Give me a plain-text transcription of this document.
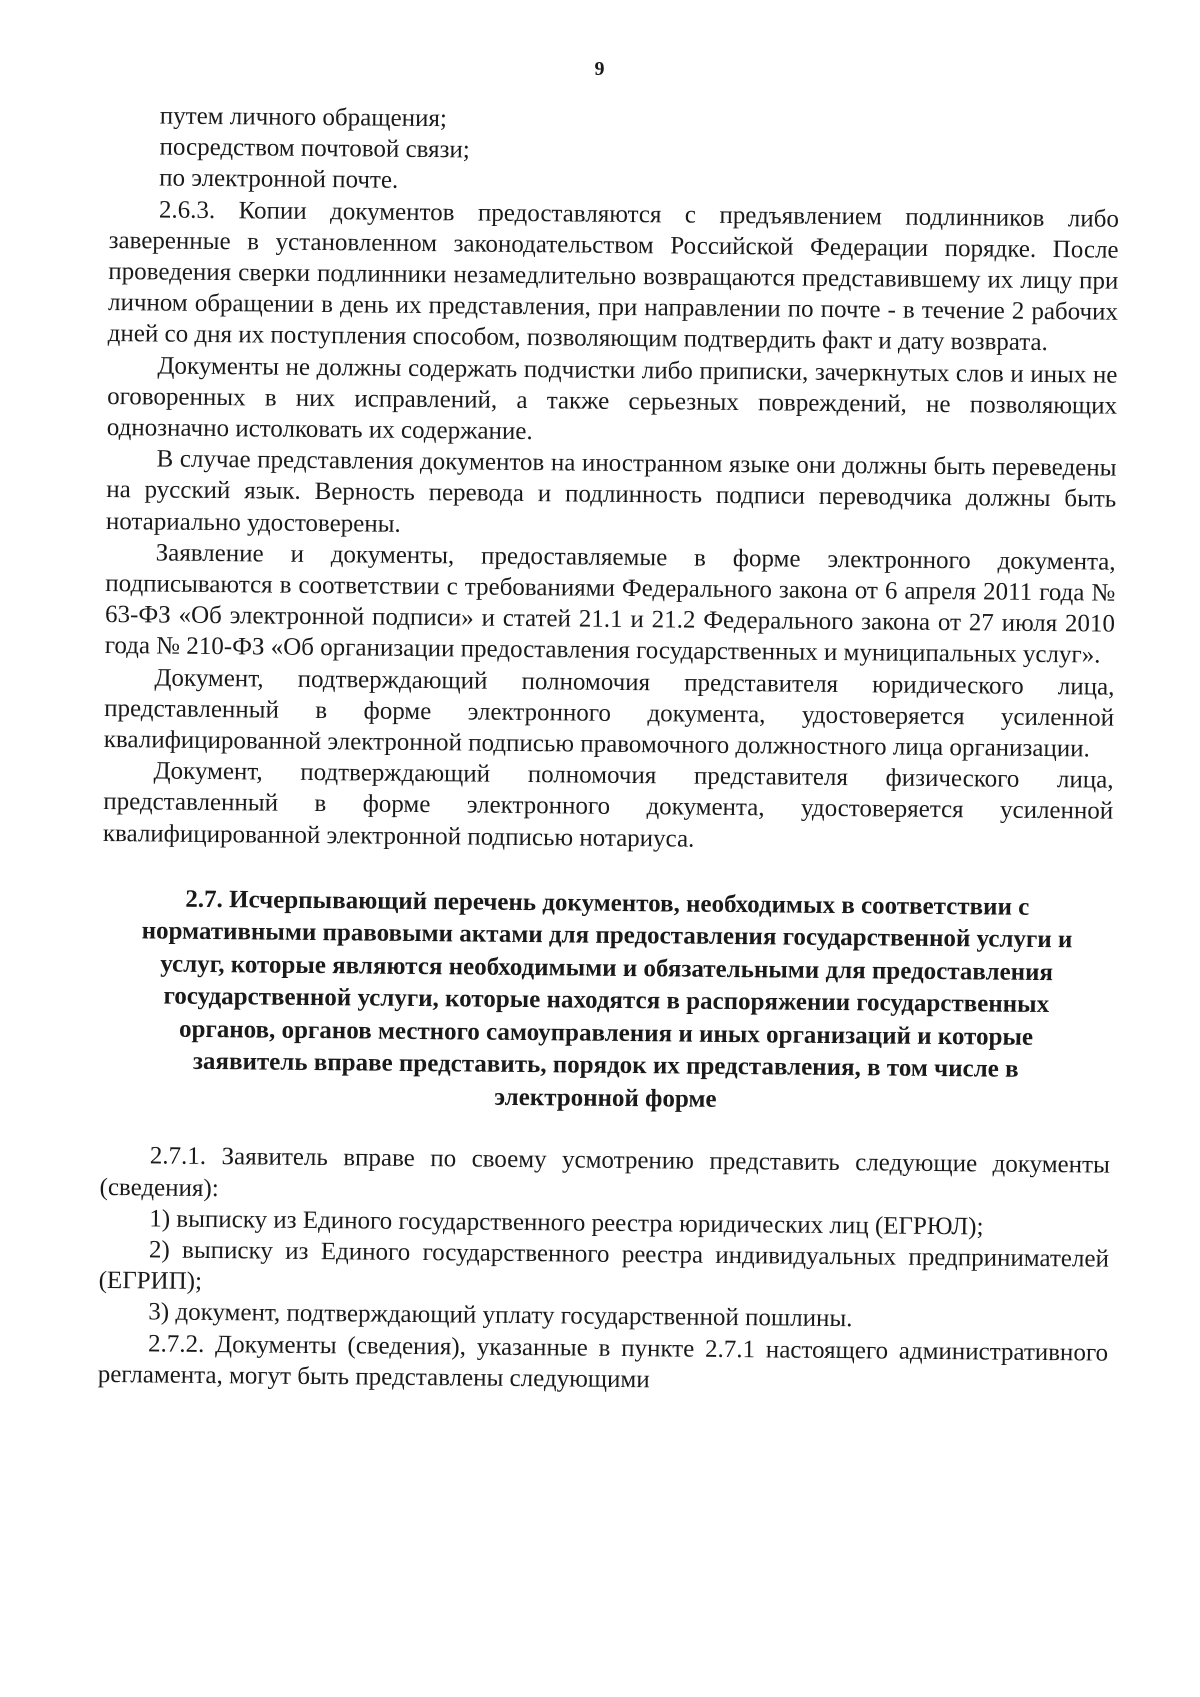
9

путем личного обращения;

посредством почтовой связи;

по электронной почте.

2.6.3. Копии документов предоставляются с предъявлением подлинников либо заверенные в установленном законодательством Российской Федерации порядке. После проведения сверки подлинники незамедлительно возвращаются представившему их лицу при личном обращении в день их представления, при направлении по почте - в течение 2 рабочих дней со дня их поступления способом, позволяющим подтвердить факт и дату возврата.

Документы не должны содержать подчистки либо приписки, зачеркнутых слов и иных не оговоренных в них исправлений, а также серьезных повреждений, не позволяющих однозначно истолковать их содержание.

В случае представления документов на иностранном языке они должны быть переведены на русский язык. Верность перевода и подлинность подписи переводчика должны быть нотариально удостоверены.

Заявление и документы, предоставляемые в форме электронного документа, подписываются в соответствии с требованиями Федерального закона от 6 апреля 2011 года № 63-ФЗ «Об электронной подписи» и статей 21.1 и 21.2 Федерального закона от 27 июля 2010 года № 210-ФЗ «Об организации предоставления государственных и муниципальных услуг».

Документ, подтверждающий полномочия представителя юридического лица, представленный в форме электронного документа, удостоверяется усиленной квалифицированной электронной подписью правомочного должностного лица организации.

Документ, подтверждающий полномочия представителя физического лица, представленный в форме электронного документа, удостоверяется усиленной квалифицированной электронной подписью нотариуса.

2.7. Исчерпывающий перечень документов, необходимых в соответствии с нормативными правовыми актами для предоставления государственной услуги и услуг, которые являются необходимыми и обязательными для предоставления государственной услуги, которые находятся в распоряжении государственных органов, органов местного самоуправления и иных организаций и которые заявитель вправе представить, порядок их представления, в том числе в электронной форме

2.7.1. Заявитель вправе по своему усмотрению представить следующие документы (сведения):

1) выписку из Единого государственного реестра юридических лиц (ЕГРЮЛ);

2) выписку из Единого государственного реестра индивидуальных предпринимателей (ЕГРИП);

3) документ, подтверждающий уплату государственной пошлины.

2.7.2. Документы (сведения), указанные в пункте 2.7.1 настоящего административного регламента, могут быть представлены следующими
